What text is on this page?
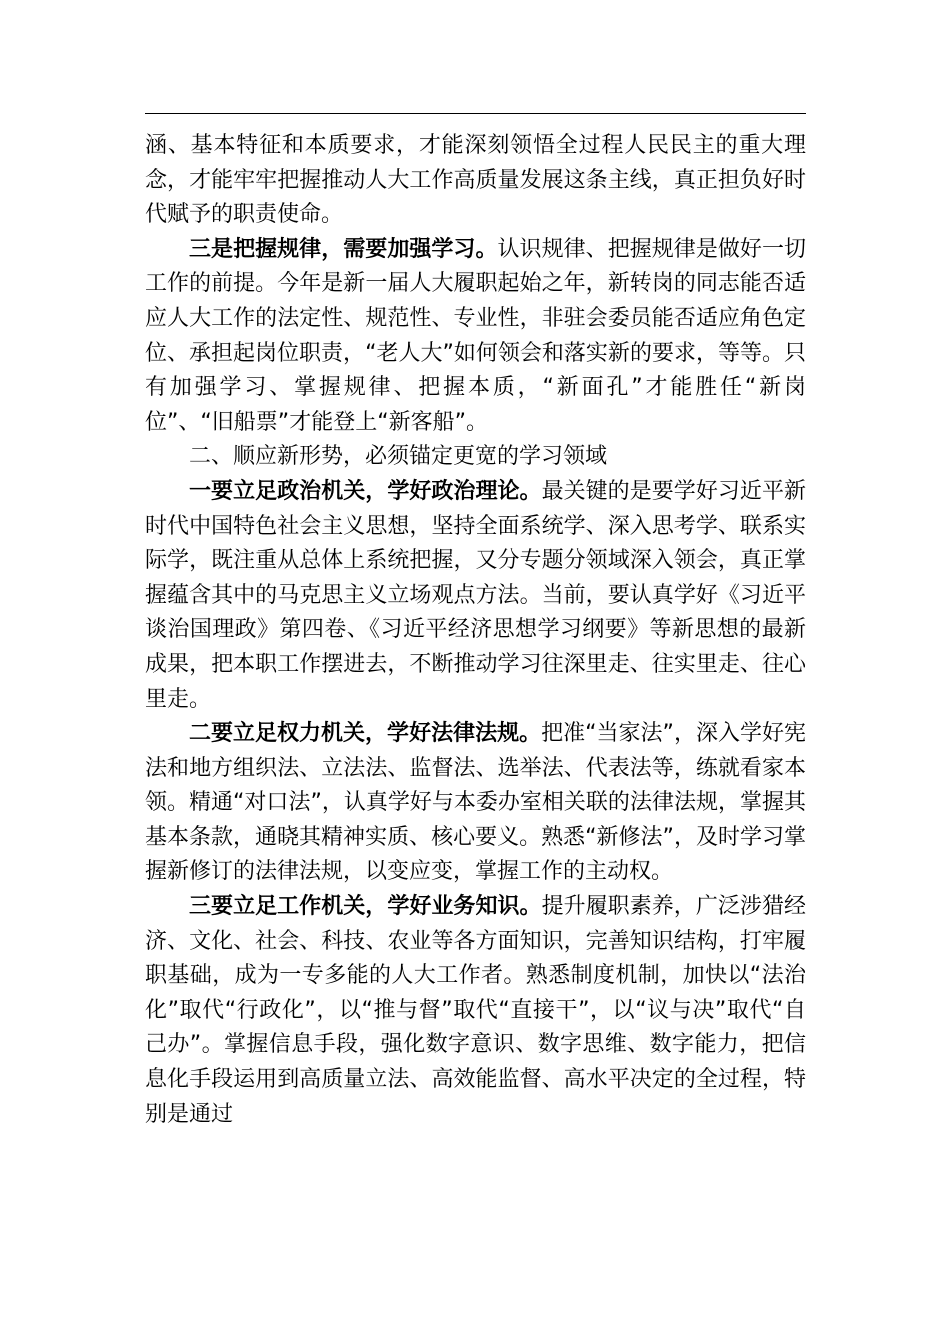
涵、基本特征和本质要求，才能深刻领悟全过程人民民主的重大理念，才能牢牢把握推动人大工作高质量发展这条主线，真正担负好时代赋予的职责使命。

三是把握规律，需要加强学习。认识规律、把握规律是做好一切工作的前提。今年是新一届人大履职起始之年，新转岗的同志能否适应人大工作的法定性、规范性、专业性，非驻会委员能否适应角色定位、承担起岗位职责，“老人大”如何领会和落实新的要求，等等。只有加强学习、掌握规律、把握本质，“新面孔”才能胜任“新岗位”、“旧船票”才能登上“新客船”。

二、顺应新形势，必须锚定更宽的学习领域

一要立足政治机关，学好政治理论。最关键的是要学好习近平新时代中国特色社会主义思想，坚持全面系统学、深入思考学、联系实际学，既注重从总体上系统把握，又分专题分领域深入领会，真正掌握蕴含其中的马克思主义立场观点方法。当前，要认真学好《习近平谈治国理政》第四卷、《习近平经济思想学习纲要》等新思想的最新成果，把本职工作摆进去，不断推动学习往深里走、往实里走、往心里走。

二要立足权力机关，学好法律法规。把准“当家法”，深入学好宪法和地方组织法、立法法、监督法、选举法、代表法等，练就看家本领。精通“对口法”，认真学好与本委办室相关联的法律法规，掌握其基本条款，通晓其精神实质、核心要义。熟悉“新修法”，及时学习掌握新修订的法律法规，以变应变，掌握工作的主动权。

三要立足工作机关，学好业务知识。提升履职素养，广泛涉猎经济、文化、社会、科技、农业等各方面知识，完善知识结构，打牢履职基础，成为一专多能的人大工作者。熟悉制度机制，加快以“法治化”取代“行政化”，以“推与督”取代“直接干”，以“议与决”取代“自己办”。掌握信息手段，强化数字意识、数字思维、数字能力，把信息化手段运用到高质量立法、高效能监督、高水平决定的全过程，特别是通过
